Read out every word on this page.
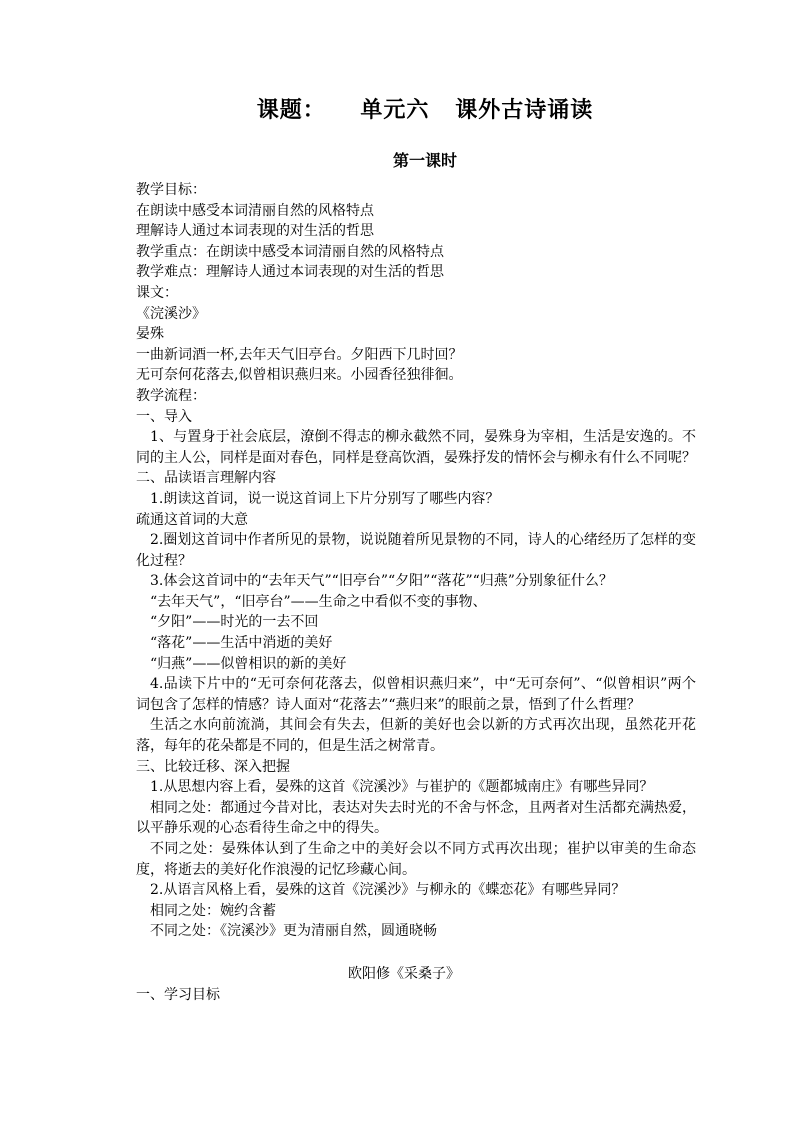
课题：    单元六   课外古诗诵读
第一课时
教学目标：
在朗读中感受本词清丽自然的风格特点
理解诗人通过本词表现的对生活的哲思
教学重点：在朗读中感受本词清丽自然的风格特点
教学难点：理解诗人通过本词表现的对生活的哲思
课文：
《浣溪沙》
晏殊
一曲新词酒一杯,去年天气旧亭台。夕阳西下几时回？
无可奈何花落去,似曾相识燕归来。小园香径独徘徊。
教学流程：
一、导入
1、与置身于社会底层，潦倒不得志的柳永截然不同，晏殊身为宰相，生活是安逸的。不同的主人公，同样是面对春色，同样是登高饮酒，晏殊抒发的情怀会与柳永有什么不同呢？
二、品读语言理解内容
1.朗读这首词，说一说这首词上下片分别写了哪些内容？
疏通这首词的大意
2.圈划这首词中作者所见的景物，说说随着所见景物的不同，诗人的心绪经历了怎样的变化过程？
3.体会这首词中的“去年天气”“旧亭台”“夕阳”“落花”“归燕”分别象征什么？
“去年天气”，“旧亭台”——生命之中看似不变的事物、
“夕阳”——时光的一去不回
“落花”——生活中消逝的美好
“归燕”——似曾相识的新的美好
4.品读下片中的“无可奈何花落去，似曾相识燕归来”，中“无可奈何”、“似曾相识”两个词包含了怎样的情感？诗人面对“花落去”“燕归来”的眼前之景，悟到了什么哲理？
生活之水向前流淌，其间会有失去，但新的美好也会以新的方式再次出现，虽然花开花落，每年的花朵都是不同的，但是生活之树常青。
三、比较迁移、深入把握
1.从思想内容上看，晏殊的这首《浣溪沙》与崔护的《题都城南庄》有哪些异同？
相同之处：都通过今昔对比，表达对失去时光的不舍与怀念，且两者对生活都充满热爱，以平静乐观的心态看待生命之中的得失。
不同之处：晏殊体认到了生命之中的美好会以不同方式再次出现；崔护以审美的生命态度，将逝去的美好化作浪漫的记忆珍藏心间。
2.从语言风格上看，晏殊的这首《浣溪沙》与柳永的《蝶恋花》有哪些异同？
相同之处：婉约含蓄
不同之处：《浣溪沙》更为清丽自然，圆通晓畅
欧阳修《采桑子》
一、学习目标
